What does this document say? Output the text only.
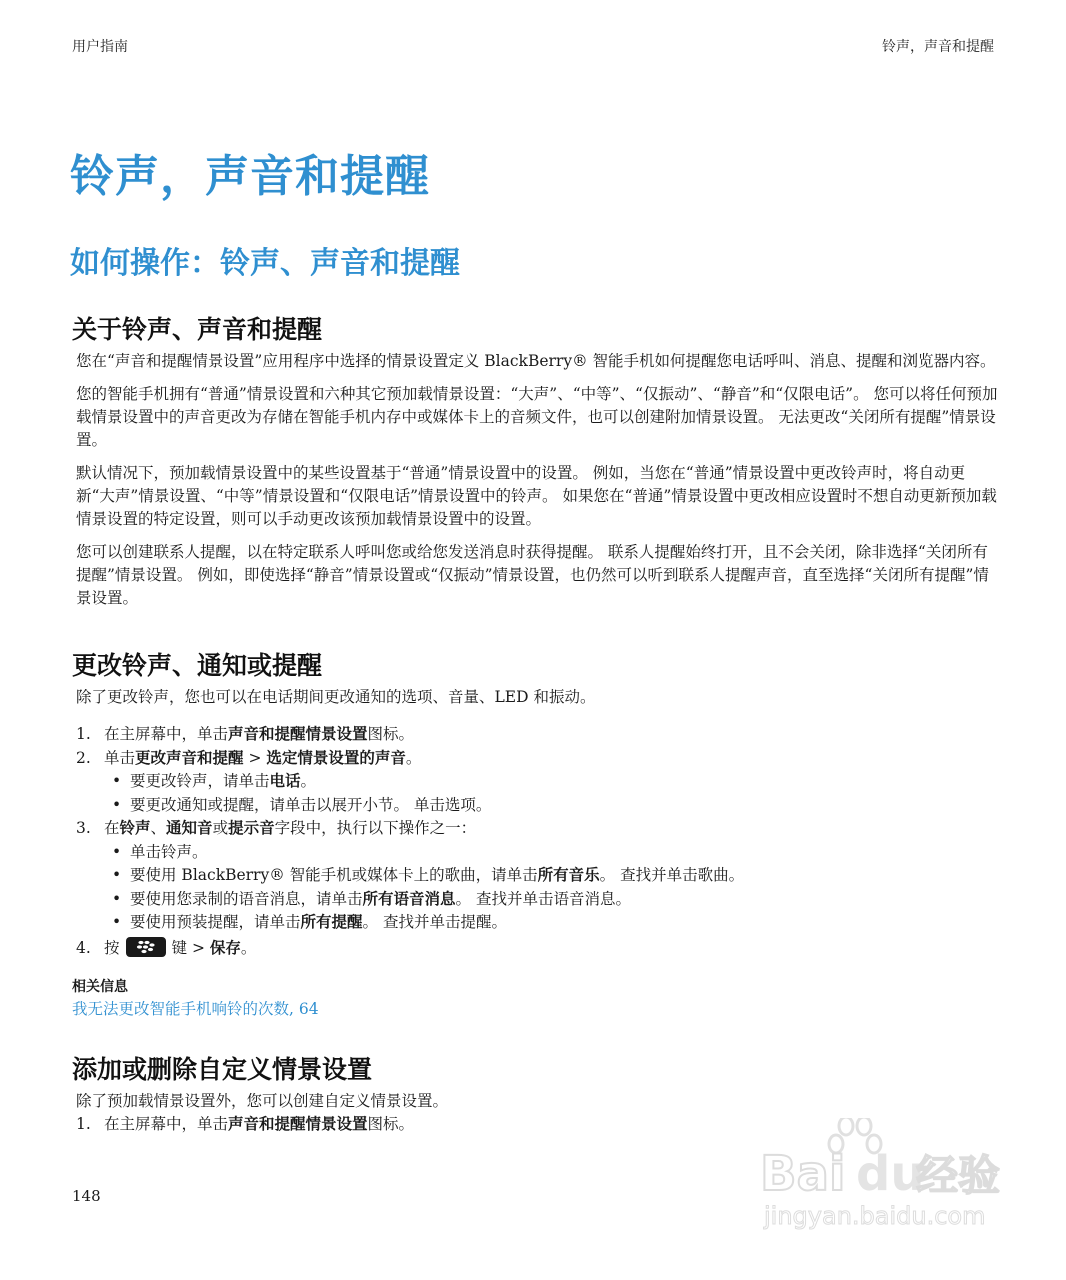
用户指南	铃声，声音和提醒
铃声，声音和提醒
如何操作：铃声、声音和提醒
关于铃声、声音和提醒

您在“声音和提醒情景设置”应用程序中选择的情景设置定义 BlackBerry® 智能手机如何提醒您电话呼叫、消息、提醒和浏览器内容。

您的智能手机拥有“普通”情景设置和六种其它预加载情景设置：“大声”、“中等”、“仅振动”、“静音”和“仅限电话”。 您可以将任何预加载情景设置中的声音更改为存储在智能手机内存中或媒体卡上的音频文件，也可以创建附加情景设置。 无法更改“关闭所有提醒”情景设置。

默认情况下，预加载情景设置中的某些设置基于“普通”情景设置中的设置。 例如，当您在“普通”情景设置中更改铃声时，将自动更新“大声”情景设置、“中等”情景设置和“仅限电话”情景设置中的铃声。 如果您在“普通”情景设置中更改相应设置时不想自动更新预加载情景设置的特定设置，则可以手动更改该预加载情景设置中的设置。

您可以创建联系人提醒，以在特定联系人呼叫您或给您发送消息时获得提醒。 联系人提醒始终打开，且不会关闭，除非选择“关闭所有提醒”情景设置。 例如，即使选择“静音”情景设置或“仅振动”情景设置，也仍然可以听到联系人提醒声音，直至选择“关闭所有提醒”情景设置。

更改铃声、通知或提醒

除了更改铃声，您也可以在电话期间更改通知的选项、音量、LED 和振动。

1. 在主屏幕中，单击声音和提醒情景设置图标。
2. 单击更改声音和提醒 > 选定情景设置的声音。
• 要更改铃声，请单击电话。
• 要更改通知或提醒，请单击以展开小节。 单击选项。
3. 在铃声、通知音或提示音字段中，执行以下操作之一：
• 单击铃声。
• 要使用 BlackBerry® 智能手机或媒体卡上的歌曲，请单击所有音乐。 查找并单击歌曲。
• 要使用您录制的语音消息，请单击所有语音消息。 查找并单击语音消息。
• 要使用预装提醒，请单击所有提醒。 查找并单击提醒。
4. 按	键 > 保存。
相关信息
我无法更改智能手机响铃的次数, 64
添加或删除自定义情景设置

除了预加载情景设置外，您可以创建自定义情景设置。

1. 在主屏幕中，单击声音和提醒情景设置图标。
148	Bai du
经验
jingyan.baidu.com
